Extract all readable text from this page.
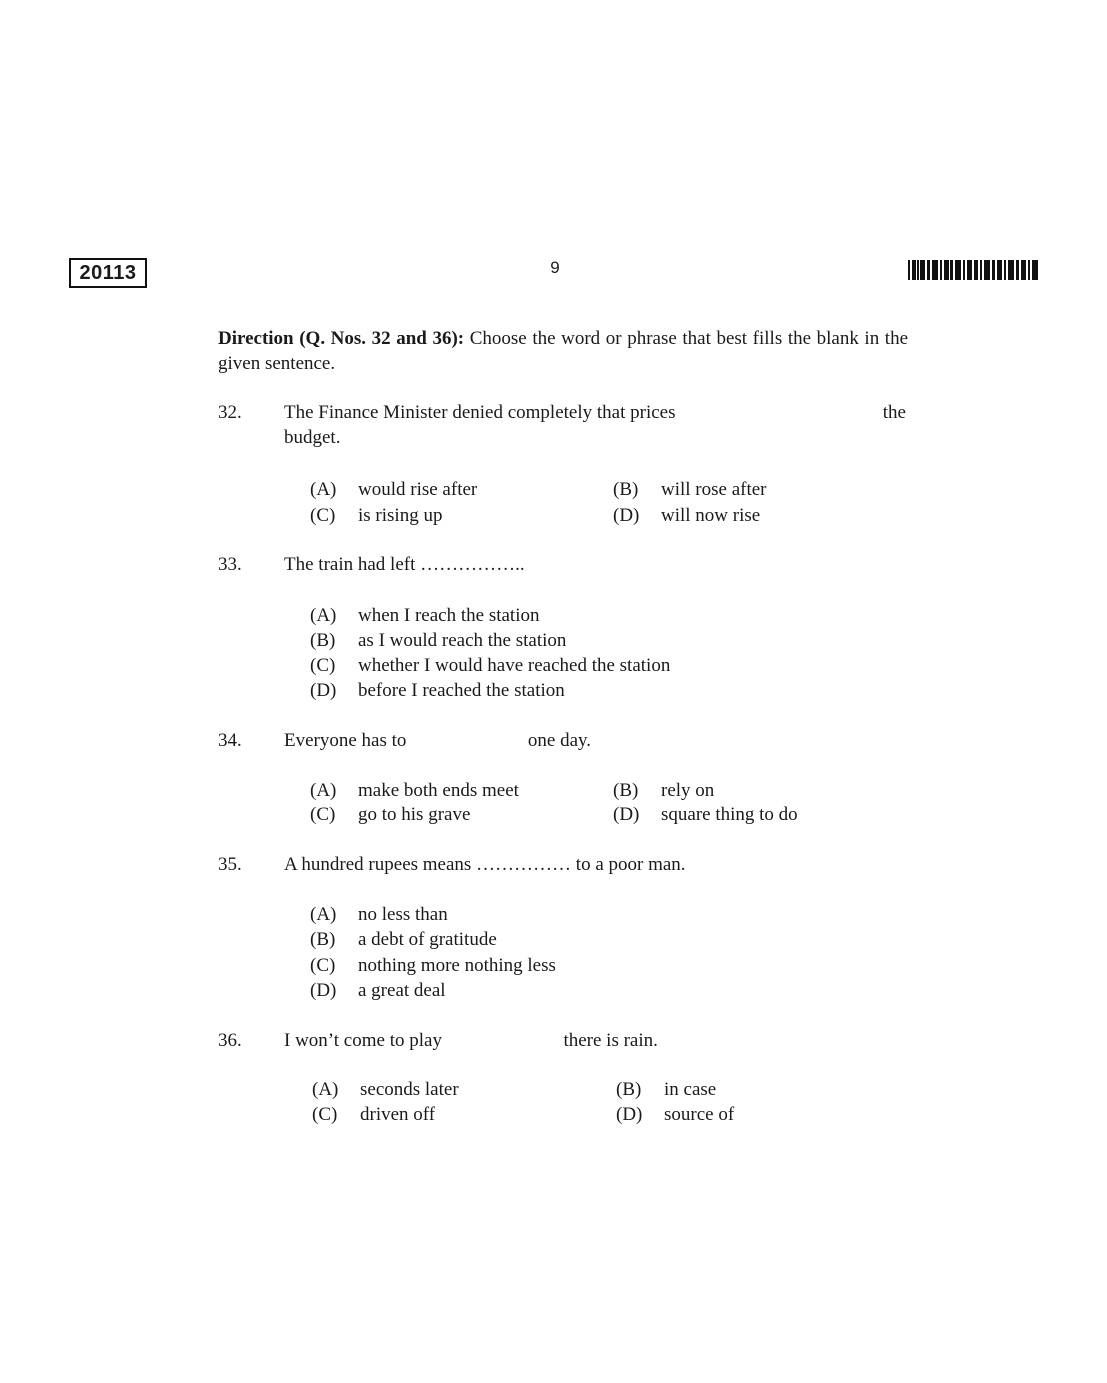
20113	9
Direction (Q. Nos. 32 and 36): Choose the word or phrase that best fills the blank in the given sentence.
32. The Finance Minister denied completely that prices	the

budget.
(A) would rise after	(B) will rose after
(C) is rising up	(D) will now rise
33. The train had left ……………..
(A) when I reach the station
(B) as I would reach the station
(C) whether I would have reached the station
(D) before I reached the station
34. Everyone has to	one day.
(A) make both ends meet	(B) rely on
(C) go to his grave	(D) square thing to do
35. A hundred rupees means …………… to a poor man.
(A) no less than
(B) a debt of gratitude
(C) nothing more nothing less
(D) a great deal
36. I won’t come to play	there is rain.
(A) seconds later	(B) in case
(C) driven off	(D) source of
